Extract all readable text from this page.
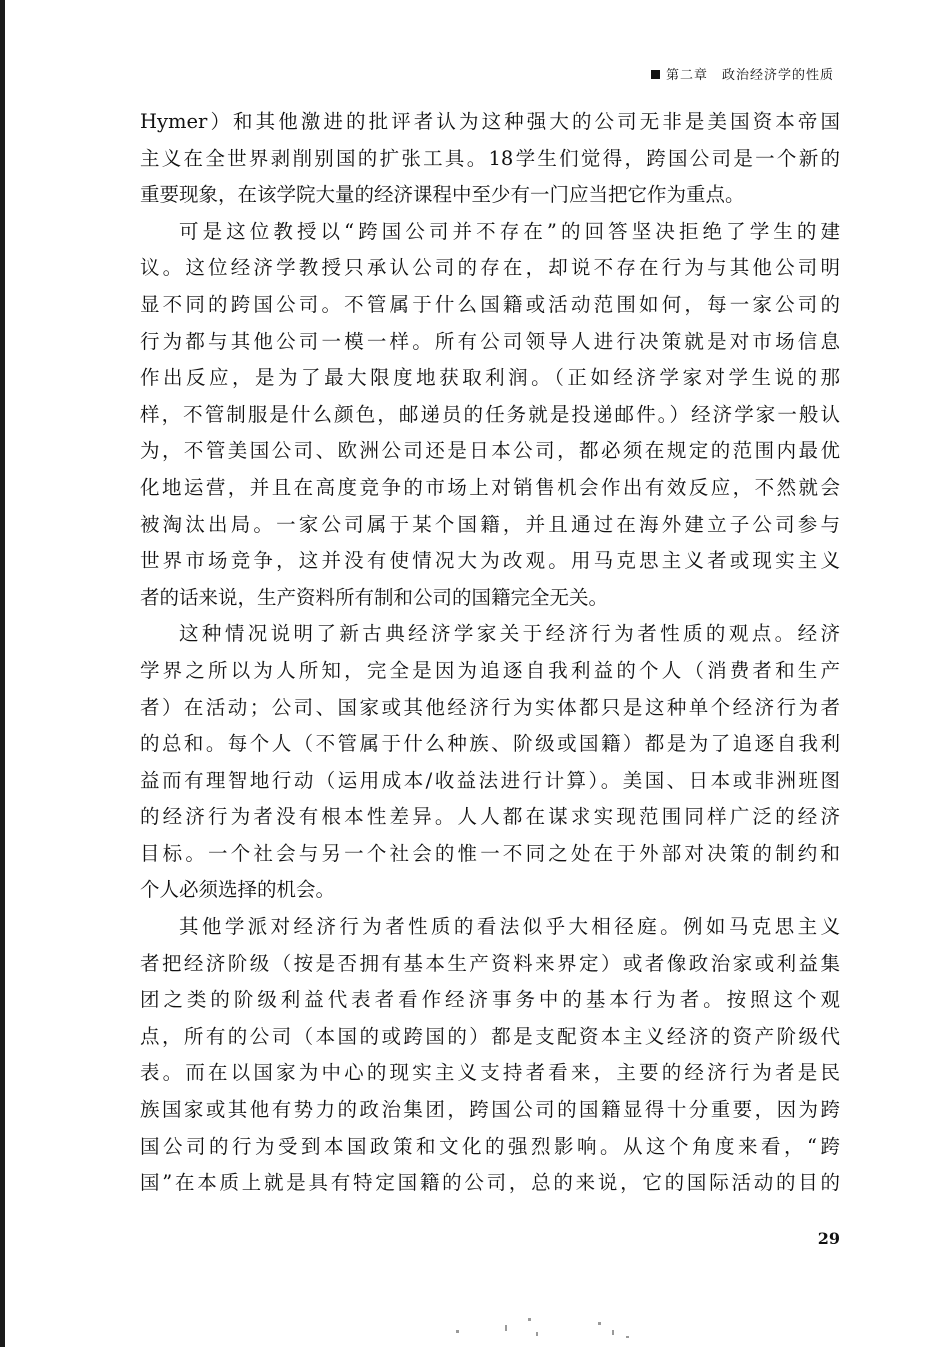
第二章 政治经济学的性质
Hymer）和其他激进的批评者认为这种强大的公司无非是美国资本帝国
主义在全世界剥削别国的扩张工具。18学生们觉得，跨国公司是一个新的
重要现象，在该学院大量的经济课程中至少有一门应当把它作为重点。
可是这位教授以“跨国公司并不存在”的回答坚决拒绝了学生的建
议。这位经济学教授只承认公司的存在，却说不存在行为与其他公司明
显不同的跨国公司。不管属于什么国籍或活动范围如何，每一家公司的
行为都与其他公司一模一样。所有公司领导人进行决策就是对市场信息
作出反应，是为了最大限度地获取利润。（正如经济学家对学生说的那
样，不管制服是什么颜色，邮递员的任务就是投递邮件。）经济学家一般认
为，不管美国公司、欧洲公司还是日本公司，都必须在规定的范围内最优
化地运营，并且在高度竞争的市场上对销售机会作出有效反应，不然就会
被淘汰出局。一家公司属于某个国籍，并且通过在海外建立子公司参与
世界市场竞争，这并没有使情况大为改观。用马克思主义者或现实主义
者的话来说，生产资料所有制和公司的国籍完全无关。
这种情况说明了新古典经济学家关于经济行为者性质的观点。经济
学界之所以为人所知，完全是因为追逐自我利益的个人（消费者和生产
者）在活动；公司、国家或其他经济行为实体都只是这种单个经济行为者
的总和。每个人（不管属于什么种族、阶级或国籍）都是为了追逐自我利
益而有理智地行动（运用成本/收益法进行计算）。美国、日本或非洲班图
的经济行为者没有根本性差异。人人都在谋求实现范围同样广泛的经济
目标。一个社会与另一个社会的惟一不同之处在于外部对决策的制约和
个人必须选择的机会。
其他学派对经济行为者性质的看法似乎大相径庭。例如马克思主义
者把经济阶级（按是否拥有基本生产资料来界定）或者像政治家或利益集
团之类的阶级利益代表者看作经济事务中的基本行为者。按照这个观
点，所有的公司（本国的或跨国的）都是支配资本主义经济的资产阶级代
表。而在以国家为中心的现实主义支持者看来，主要的经济行为者是民
族国家或其他有势力的政治集团，跨国公司的国籍显得十分重要，因为跨
国公司的行为受到本国政策和文化的强烈影响。从这个角度来看，“跨
国”在本质上就是具有特定国籍的公司，总的来说，它的国际活动的目的
29
